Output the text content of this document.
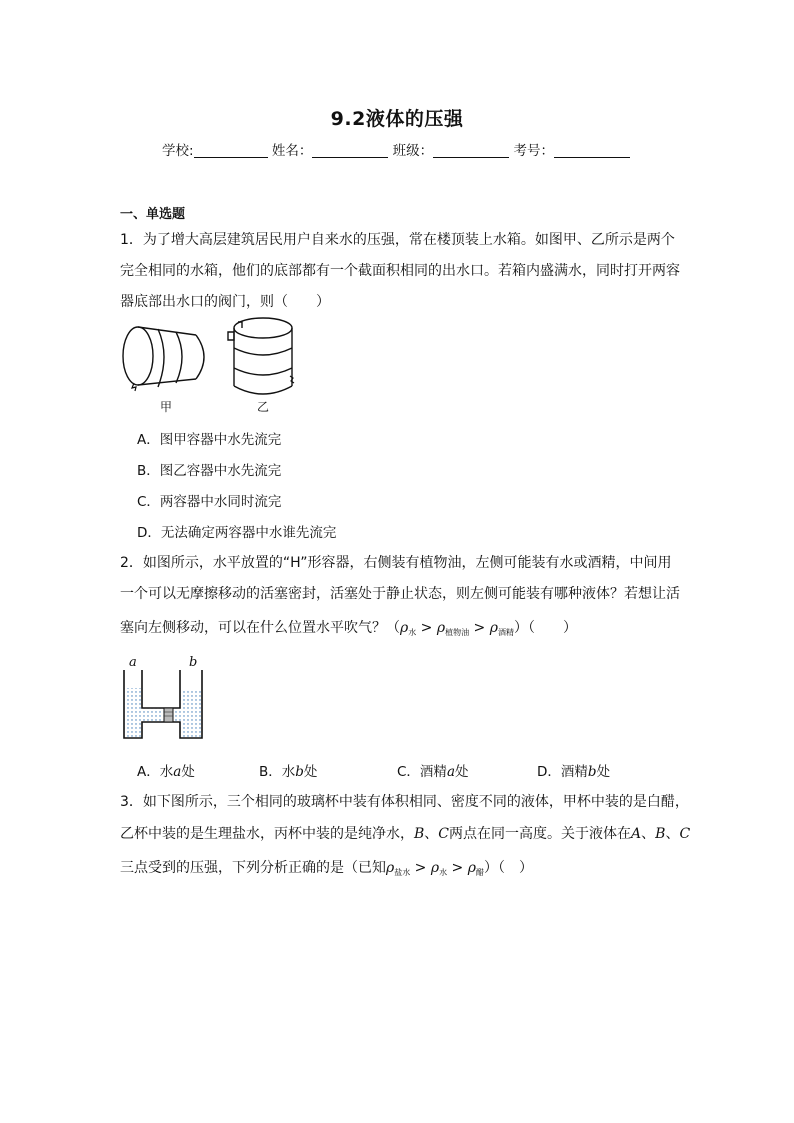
9.2液体的压强
学校:	姓名：	班级：	考号：
一、单选题
1．为了增大高层建筑居民用户自来水的压强，常在楼顶装上水箱。如图甲、乙所示是两个
完全相同的水箱，他们的底部都有一个截面积相同的出水口。若箱内盛满水，同时打开两容
器底部出水口的阀门，则（　　）
甲	乙
A．图甲容器中水先流完
B．图乙容器中水先流完
C．两容器中水同时流完
D．无法确定两容器中水谁先流完
2．如图所示，水平放置的“H”形容器，右侧装有植物油，左侧可能装有水或酒精，中间用
一个可以无摩擦移动的活塞密封，活塞处于静止状态，则左侧可能装有哪种液体？若想让活
塞向左侧移动，可以在什么位置水平吹气？$(\rho_水 > \rho_{植物油} > \rho_{酒精})$（　　）
a	b
A．水a处	B．水b处	C．酒精a处	D．酒精b处
3．如下图所示，三个相同的玻璃杯中装有体积相同、密度不同的液体，甲杯中装的是白醋，
乙杯中装的是生理盐水，丙杯中装的是纯净水，B、C两点在同一高度。关于液体在A、B、C
三点受到的压强，下列分析正确的是（已知$\rho_{盐水} > \rho_水 > \rho_醋$）（　）
